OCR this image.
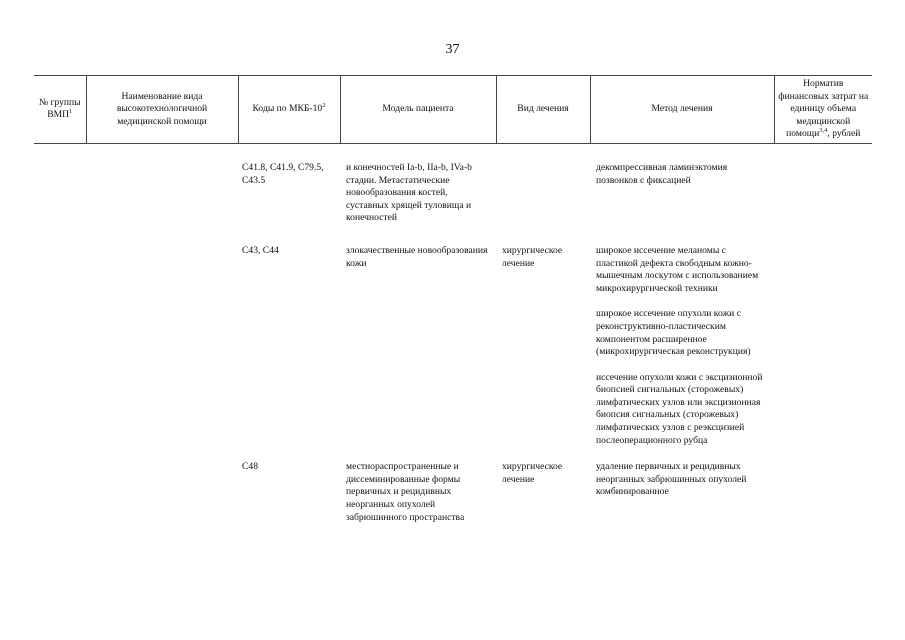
37
№ группы ВМП$^1$	Наименование вида высокотехнологичной медицинской помощи	Коды по МКБ-$10^2$	Модель пациента	Вид лечения	Метод лечения	Норматив финансовых затрат на единицу объема медицинской помощи$^{3,4}$, рублей
		C41.8, C41.9, C79.5, C43.5	и конечностей Ia-b, IIa-b, IVa-b стадии. Метастатические новообразования костей, суставных хрящей туловища и конечностей		декомпрессивная ламинэктомия позвонков с фиксацией	

		C43, C44	злокачественные новообразования кожи	хирургическое лечение	широкое иссечение меланомы с пластикой дефекта свободным кожно-мышечным лоскутом с использованием микрохирургической техники
широкое иссечение опухоли кожи с реконструктивно-пластическим компонентом расширенное (микрохирургическая реконструкция)
иссечение опухоли кожи с эксцизионной биопсией сигнальных (сторожевых) лимфатических узлов или эксцизионная биопсия сигнальных (сторожевых) лимфатических узлов с реэксцизией послеоперационного рубца	

		C48	местнораспространенные и диссеминированные формы первичных и рецидивных неорганных опухолей забрюшинного пространства	хирургическое лечение	удаление первичных и рецидивных неорганных забрюшинных опухолей комбинированное	
